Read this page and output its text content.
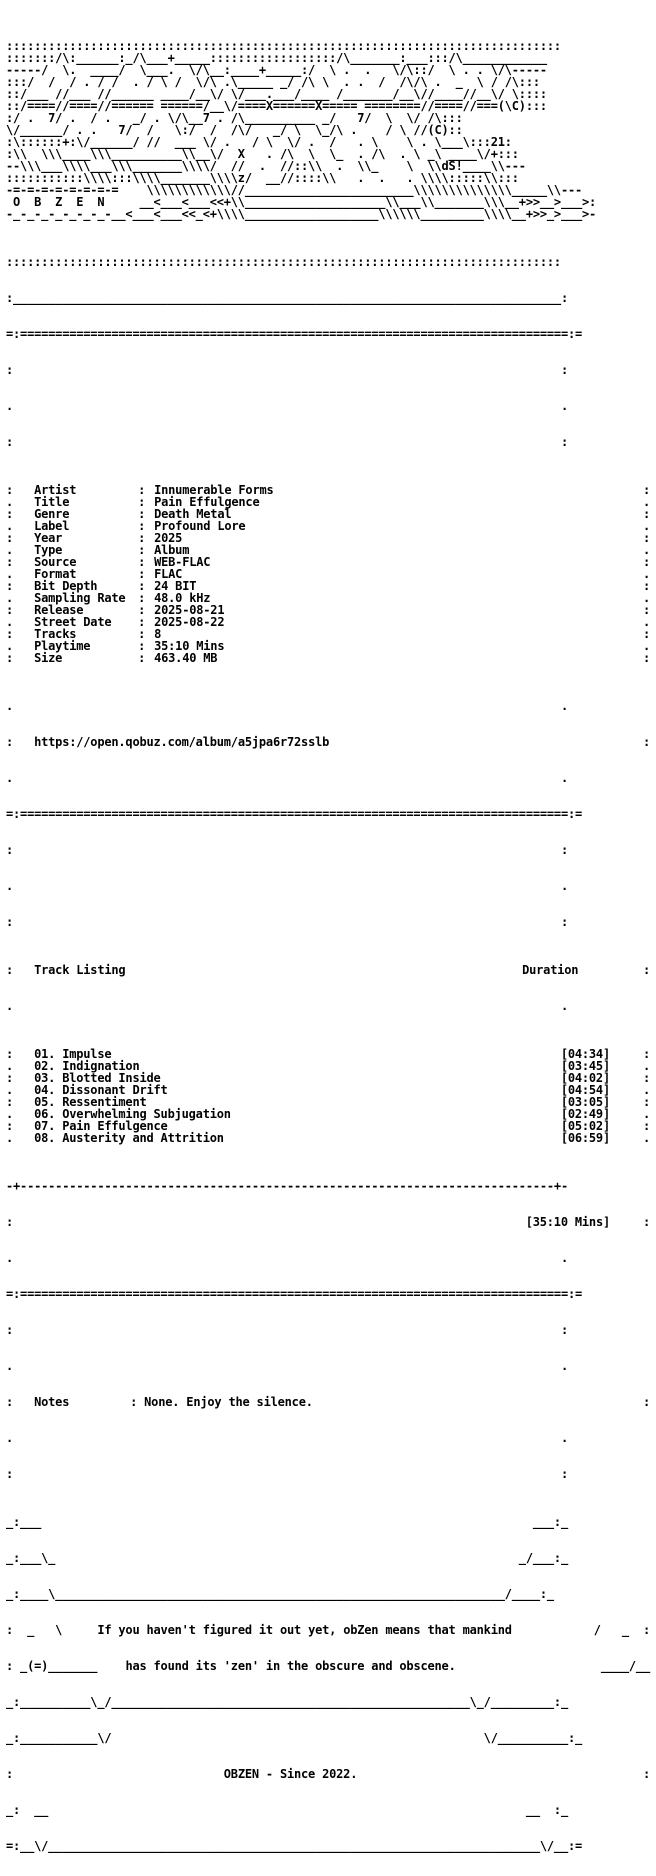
:::::::::::::::::::::::::::::::::::::::::::::::::::::::::::::::::::::::::::::::
:::::::/\:______:_/\___+_____::::::::::::::::::/\_______:___:::/\____________
-----/  \.  ____/  \___.  \/\__:____+_____:/  \ .  .   \/\::/  \ . . \/\-----
:::/  /  / . / /  . / \ /  \/\ .\_____ _/ /\ \  . .  /  /\/\ .  _  \ / /\:::
::/___ //___ //______ ____/__\/ \/___.___/____ /_______/__\//____//__\/ \::::
::/====//====//====== ======/__\/====X======X===== ========//====//===(\C):::
:/ .  7/ .  / .   _/ . \/\__7 . /\__________ _/   7/  \  \/ /\:::
\/______/ . .   7/  /   \:/  /  /\/   _/ \  \_/\ .    / \ //(C)::
:\::::::+:\/______/ //  ___ \/ .   / \  \/ .  /   . \    \ . \___\:::21:
:\\  \\\____\\\__________\\__\/  X   . /\  \  \_  . /\  . \ _\ ____\/+:::
--\\\___\\\\___\\\_______\\\\/  //  .  //::\\  .  \\_    \  \\dS!____\\---
:::::::::::\\\\:::\\\\_______\\\\z/  __//::::\\   .  .   . \\\\:::::\\:::
-=-=-=-=-=-=-=-=    \\\\\\\\\\\\//________________________\\\\\\\\\\\\\\_____\\---
O  B  Z  E  N     __<___<___<<+\\____________________\\___\\_______\\\__+>>__>___>:
-_-_-_-_-_-_-_-__<___<___<<_<+\\\\___________________\\\\\\_________\\\\__+>>_>___>-

:::::::::::::::::::::::::::::::::::::::::::::::::::::::::::::::::::::::::::::::

:______________________________________________________________________________:

=:==============================================================================:=

:                                                                              :

.                                                                              .

:                                                                              :

:   Artist	: Innumerable Forms	:
.   Title	: Pain Effulgence	.
:   Genre	: Death Metal	:
.   Label	: Profound Lore	.
:   Year	: 2025	:
.   Type	: Album	.
:   Source	: WEB-FLAC	:
.   Format	: FLAC	.
:   Bit Depth	: 24 BIT	:
.   Sampling Rate : 48.0 kHz	.
:   Release	: 2025-08-21	:
.   Street Date : 2025-08-22	.
:   Tracks	: 8	:
.   Playtime	: 35:10 Mins	.
:   Size	: 463.40 MB	:

.                                                                              .

:   https://open.qobuz.com/album/a5jpa6r72sslb	:

.                                                                              .

=:==============================================================================:=

:                                                                              :

.                                                                              .

:                                                                              :

:   Track Listing	Duration	:

.                                                                              .

:   01. Impulse	[04:34]	:
.   02. Indignation	[03:45]	.
:   03. Blotted Inside	[04:02]	:
.   04. Dissonant Drift	[04:54]	.
:   05. Ressentiment	[03:05]	:
.   06. Overwhelming Subjugation	[02:49]	.
:   07. Pain Effulgence	[05:02]	:
.   08. Austerity and Attrition	[06:59]	.

-+----------------------------------------------------------------------------+-

:	[35:10 Mins]	:

.                                                                              .

=:==============================================================================:=

:                                                                              :

.                                                                              .

:   Notes	: None. Enjoy the silence.	:

.                                                                              .

:                                                                              :

_:___                                                                      ___:_

_:___\_                                                                  _/___:_

_:____\________________________________________________________________/____:_

:  _   \     If you haven't figured it out yet, obZen means that mankind	/   _  :

: _(=)_______    has found its 'zen' in the obscure and obscene.	____/__

_:__________\_/___________________________________________________\_/_________:_

_:___________\/                                                     \/__________:_

:                              OBZEN - Since 2022.	:

_:  __                                                                    __  :_

=:__\/______________________________________________________________________\/__:=
